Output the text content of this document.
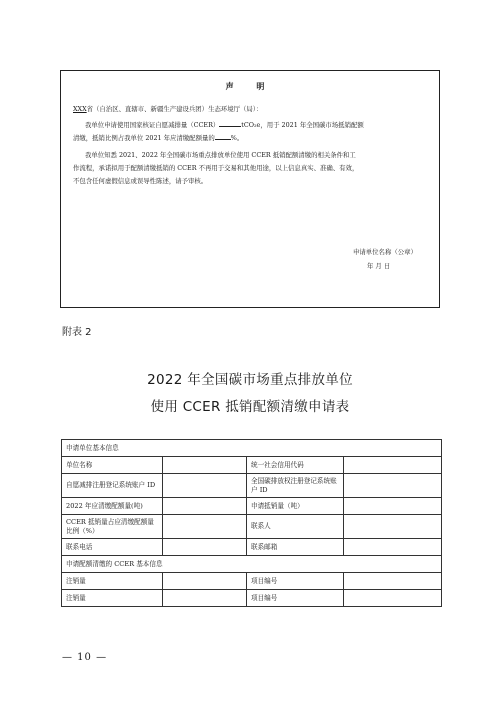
声 明
XXX省（自治区、直辖市、新疆生产建设兵团）生态环境厅（局）：
我单位申请使用国家核证自愿减排量（CCER）	tCO₂e，用于 2021 年全国碳市场抵销配额
清缴，抵销比例占我单位 2021 年应清缴配额量的	%。
我单位知悉 2021、2022 年全国碳市场重点排放单位使用 CCER 抵销配额清缴的相关条件和工
作流程，承诺拟用于配额清缴抵销的 CCER 不再用于交易和其他用途，以上信息真实、准确、有效，
不包含任何虚假信息或误导性陈述，请予审核。
申请单位名称（公章）
年 月 日
附表 2
2022 年全国碳市场重点排放单位
使用 CCER 抵销配额清缴申请表
申请单位基本信息			
单位名称		统一社会信用代码	
自愿减排注册登记系统账户 ID		全国碳排放权注册登记系统账户 ID	
2022 年应清缴配额量(吨)		申请抵销量（吨）	
CCER 抵销量占应清缴配额量比例（%）		联系人	
联系电话		联系邮箱	
申请配额清缴的 CCER 基本信息			
注销量		项目编号	
注销量		项目编号	
— 10 —
